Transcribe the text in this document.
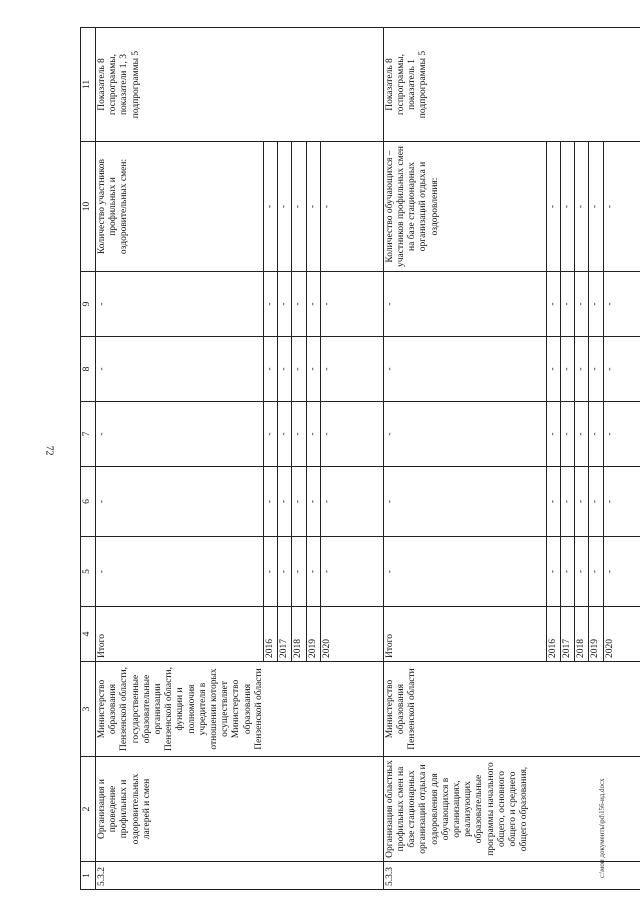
72
1	2	3	4	5	6	7	8	9	10	11
5.3.2	Организация и проведение профильных и оздоровительных лагерей и смен	Министерство образования Пензенской области, государственные образовательные организации Пензенской области, функции и полномочия учредителя в отношении которых осуществляет Министерство образования Пензенской области	Итого	-	-	-	-	-	Количество участников профильных и оздоровительных смен:	Показатель 8 госпрограммы, показатели 1, 3 подпрограммы 5
			2016	-	-	-	-	-	-	
			2017	-	-	-	-	-	-	
			2018	-	-	-	-	-	-	
			2019	-	-	-	-	-	-	
			2020	-	-	-	-	-	-	
5.3.3	Организация областных профильных смен на базе стационарных организаций отдыха и оздоровления для обучающихся в организациях, реализующих образовательные программы начального общего, основного общего и среднего общего образования,	Министерство образования Пензенской области	Итого	-	-	-	-	-	Количество обучающихся – участников профильных смен на базе стационарных организаций отдыха и оздоровления:	Показатель 8 госпрограммы, показатель 1 подпрограммы 5
			2016	-	-	-	-	-	-	
			2017	-	-	-	-	-	-	
			2018	-	-	-	-	-	-	
			2019	-	-	-	-	-	-	
			2020	-	-	-	-	-	-	
c:\мои документы\pd\156-ид.docx
